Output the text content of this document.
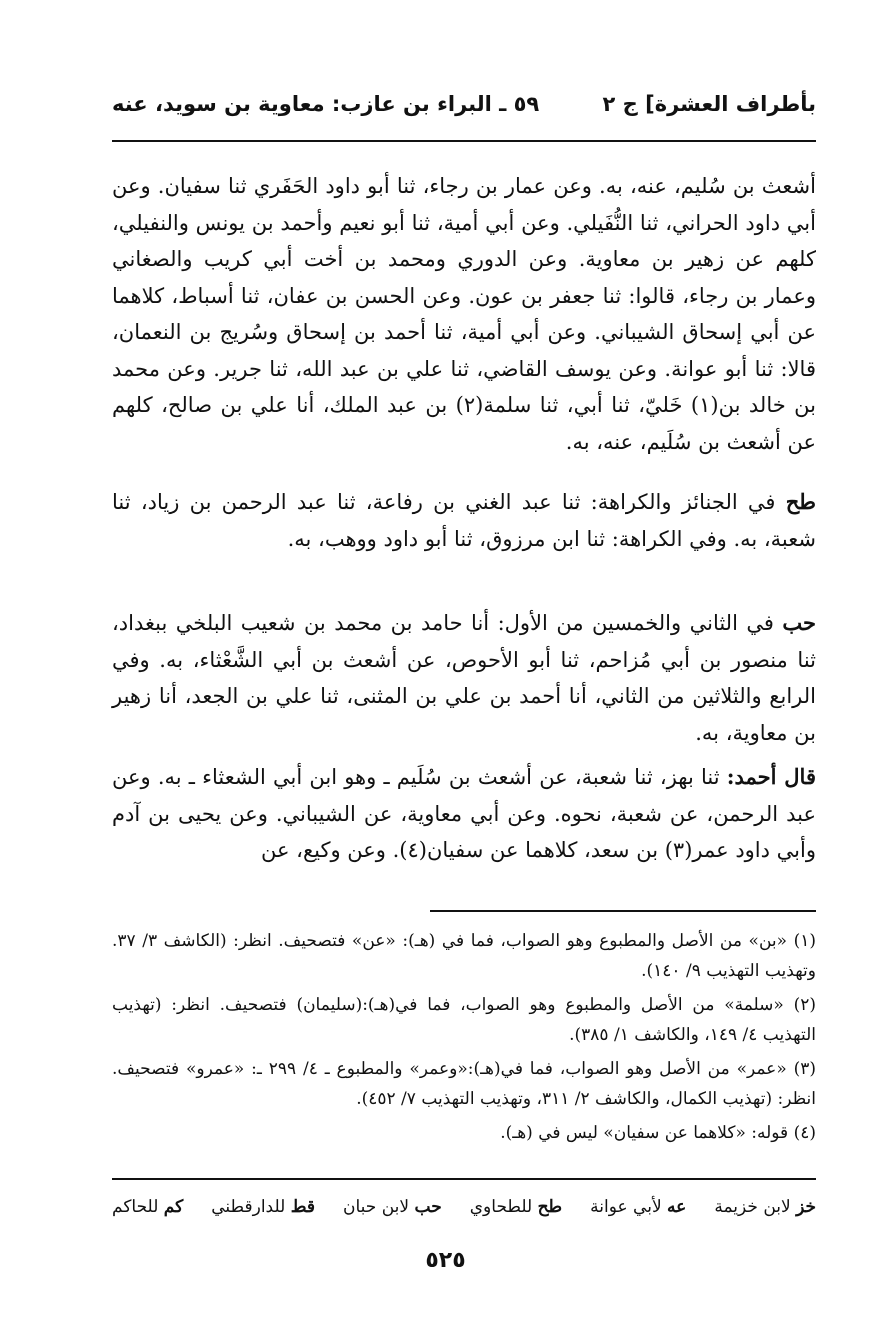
بأطراف العشرة] ج ٢
٥٩ ـ البراء بن عازب: معاوية بن سويد، عنه

أشعث بن سُليم، عنه، به. وعن عمار بن رجاء، ثنا أبو داود الحَفَري ثنا سفيان. وعن أبي داود الحراني، ثنا النُّفَيلي. وعن أبي أمية، ثنا أبو نعيم وأحمد بن يونس والنفيلي، كلهم عن زهير بن معاوية. وعن الدوري ومحمد بن أخت أبي كريب والصغاني وعمار بن رجاء، قالوا: ثنا جعفر بن عون. وعن الحسن بن عفان، ثنا أسباط، كلاهما عن أبي إسحاق الشيباني. وعن أبي أمية، ثنا أحمد بن إسحاق وسُريج بن النعمان، قالا: ثنا أبو عوانة. وعن يوسف القاضي، ثنا علي بن عبد الله، ثنا جرير. وعن محمد بن خالد بن(١) خَليّ، ثنا أبي، ثنا سلمة(٢) بن عبد الملك، أنا علي بن صالح، كلهم عن أشعث بن سُلَيم، عنه، به.

طح في الجنائز والكراهة: ثنا عبد الغني بن رفاعة، ثنا عبد الرحمن بن زياد، ثنا شعبة، به. وفي الكراهة: ثنا ابن مرزوق، ثنا أبو داود ووهب، به.

حب في الثاني والخمسين من الأول: أنا حامد بن محمد بن شعيب البلخي ببغداد، ثنا منصور بن أبي مُزاحم، ثنا أبو الأحوص، عن أشعث بن أبي الشَّعْثاء، به. وفي الرابع والثلاثين من الثاني، أنا أحمد بن علي بن المثنى، ثنا علي بن الجعد، أنا زهير بن معاوية، به.

قال أحمد: ثنا بهز، ثنا شعبة، عن أشعث بن سُلَيم ـ وهو ابن أبي الشعثاء ـ به. وعن عبد الرحمن، عن شعبة، نحوه. وعن أبي معاوية، عن الشيباني. وعن يحيى بن آدم وأبي داود عمر(٣) بن سعد، كلاهما عن سفيان(٤). وعن وكيع، عن

(١) «بن» من الأصل والمطبوع وهو الصواب، فما في (هـ): «عن» فتصحيف. انظر: (الكاشف ٣/ ٣٧. وتهذيب التهذيب ٩/ ١٤٠).

(٢) «سلمة» من الأصل والمطبوع وهو الصواب، فما في(هـ):(سليمان) فتصحيف. انظر: (تهذيب التهذيب ٤/ ١٤٩، والكاشف ١/ ٣٨٥).

(٣) «عمر» من الأصل وهو الصواب، فما في(هـ):«وعمر» والمطبوع ـ ٤/ ٢٩٩ ـ: «عمرو» فتصحيف. انظر: (تهذيب الكمال، والكاشف ٢/ ٣١١، وتهذيب التهذيب ٧/ ٤٥٢).

(٤) قوله: «كلاهما عن سفيان» ليس في (هـ).

خز لابن خزيمة
عه لأبي عوانة
طح للطحاوي
حب لابن حبان
قط للدارقطني
كم للحاكم
٥٢٥
